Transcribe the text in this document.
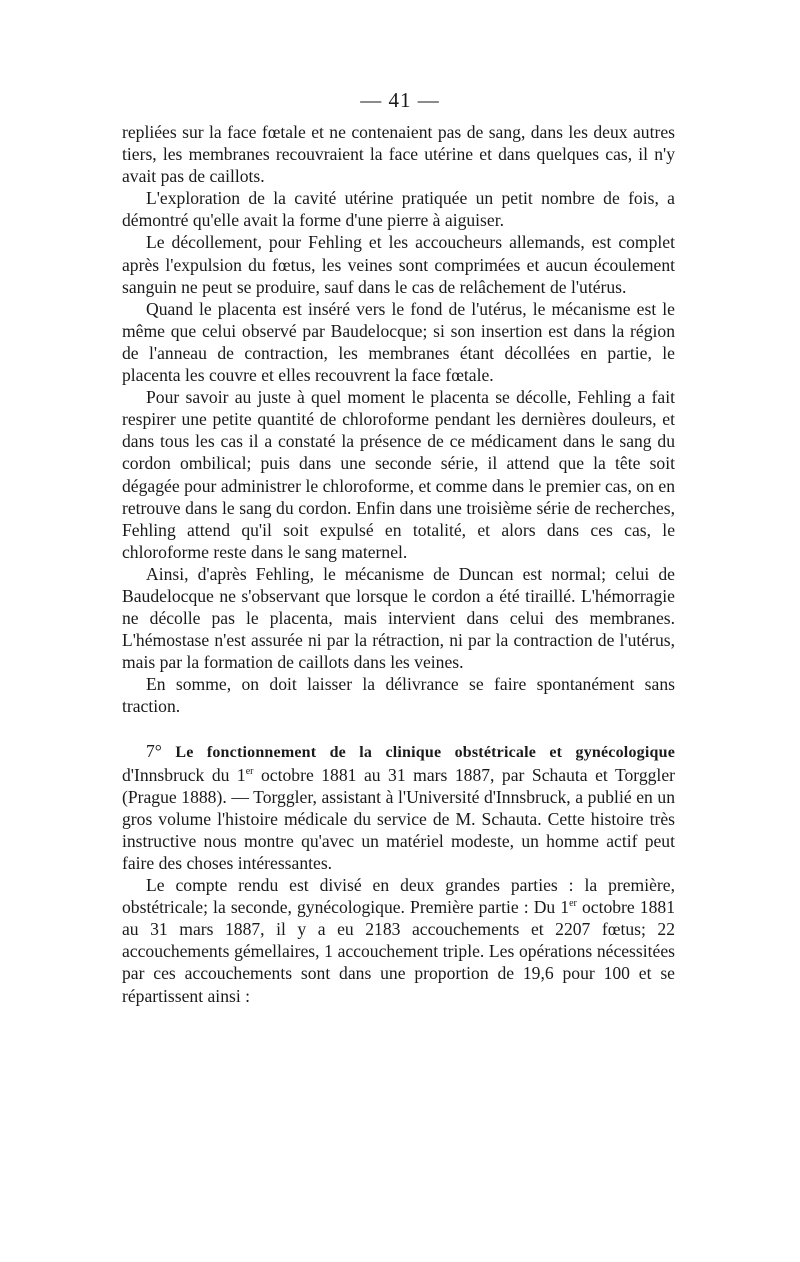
— 41 —

repliées sur la face fœtale et ne contenaient pas de sang, dans les deux autres tiers, les membranes recouvraient la face utérine et dans quelques cas, il n'y avait pas de caillots.

L'exploration de la cavité utérine pratiquée un petit nombre de fois, a démontré qu'elle avait la forme d'une pierre à aiguiser.

Le décollement, pour Fehling et les accoucheurs allemands, est complet après l'expulsion du fœtus, les veines sont comprimées et aucun écoulement sanguin ne peut se produire, sauf dans le cas de relâchement de l'utérus.

Quand le placenta est inséré vers le fond de l'utérus, le mécanisme est le même que celui observé par Baudelocque; si son insertion est dans la région de l'anneau de contraction, les membranes étant décollées en partie, le placenta les couvre et elles recouvrent la face fœtale.

Pour savoir au juste à quel moment le placenta se décolle, Fehling a fait respirer une petite quantité de chloroforme pendant les dernières douleurs, et dans tous les cas il a constaté la présence de ce médicament dans le sang du cordon ombilical; puis dans une seconde série, il attend que la tête soit dégagée pour administrer le chloroforme, et comme dans le premier cas, on en retrouve dans le sang du cordon. Enfin dans une troisième série de recherches, Fehling attend qu'il soit expulsé en totalité, et alors dans ces cas, le chloroforme reste dans le sang maternel.

Ainsi, d'après Fehling, le mécanisme de Duncan est normal; celui de Baudelocque ne s'observant que lorsque le cordon a été tiraillé. L'hémorragie ne décolle pas le placenta, mais intervient dans celui des membranes. L'hémostase n'est assurée ni par la rétraction, ni par la contraction de l'utérus, mais par la formation de caillots dans les veines.

En somme, on doit laisser la délivrance se faire spontanément sans traction.

7° Le fonctionnement de la clinique obstétricale et gynécologique d'Innsbruck du 1er octobre 1881 au 31 mars 1887, par Schauta et Torggler (Prague 1888). — Torggler, assistant à l'Université d'Innsbruck, a publié en un gros volume l'histoire médicale du service de M. Schauta. Cette histoire très instructive nous montre qu'avec un matériel modeste, un homme actif peut faire des choses intéressantes.

Le compte rendu est divisé en deux grandes parties : la première, obstétricale; la seconde, gynécologique. Première partie : Du 1er octobre 1881 au 31 mars 1887, il y a eu 2183 accouchements et 2207 fœtus; 22 accouchements gémellaires, 1 accouchement triple. Les opérations nécessitées par ces accouchements sont dans une proportion de 19,6 pour 100 et se répartissent ainsi :
